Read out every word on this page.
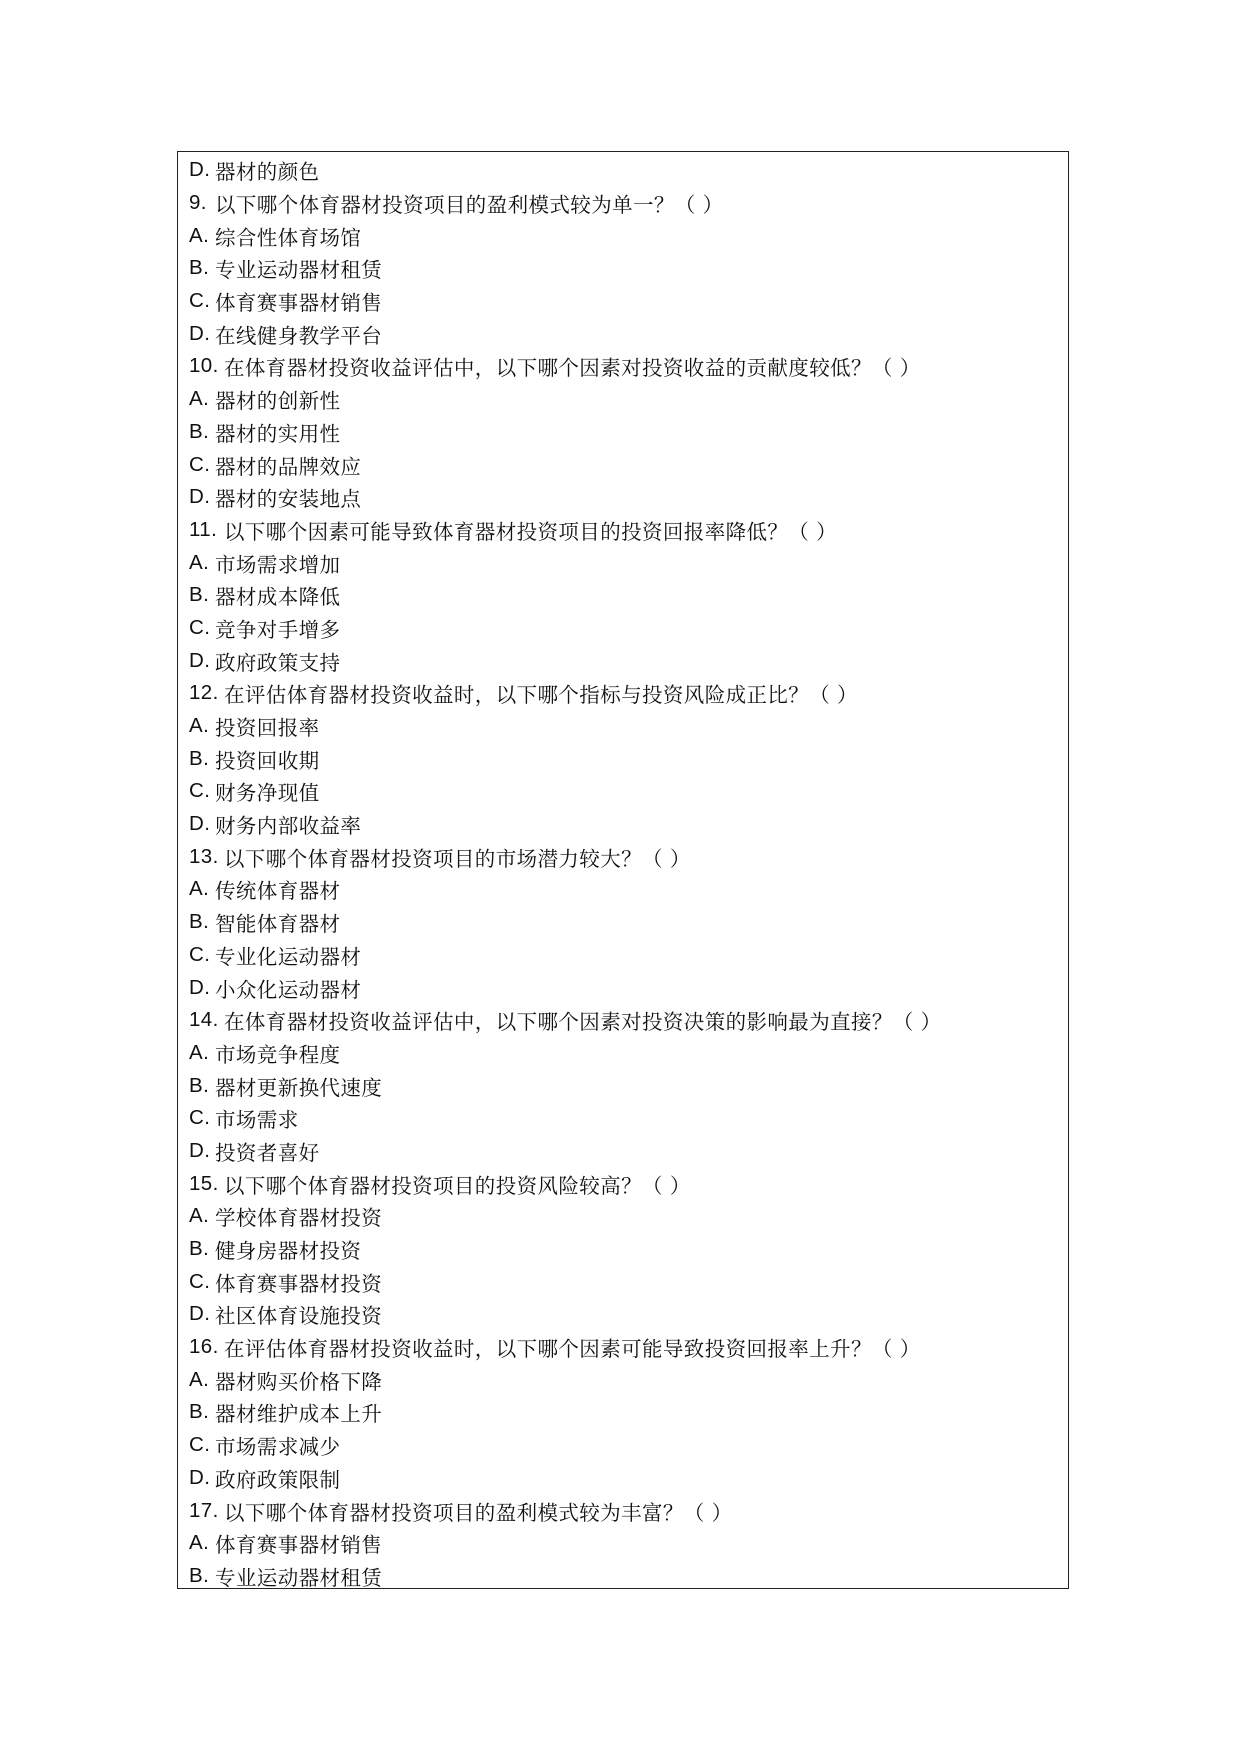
D. 器材的颜色
9. 以下哪个体育器材投资项目的盈利模式较为单一？（ ）
A. 综合性体育场馆
B. 专业运动器材租赁
C. 体育赛事器材销售
D. 在线健身教学平台
10. 在体育器材投资收益评估中，以下哪个因素对投资收益的贡献度较低？（ ）
A. 器材的创新性
B. 器材的实用性
C. 器材的品牌效应
D. 器材的安装地点
11. 以下哪个因素可能导致体育器材投资项目的投资回报率降低？（ ）
A. 市场需求增加
B. 器材成本降低
C. 竞争对手增多
D. 政府政策支持
12. 在评估体育器材投资收益时，以下哪个指标与投资风险成正比？（ ）
A. 投资回报率
B. 投资回收期
C. 财务净现值
D. 财务内部收益率
13. 以下哪个体育器材投资项目的市场潜力较大？（ ）
A. 传统体育器材
B. 智能体育器材
C. 专业化运动器材
D. 小众化运动器材
14. 在体育器材投资收益评估中，以下哪个因素对投资决策的影响最为直接？（ ）
A. 市场竞争程度
B. 器材更新换代速度
C. 市场需求
D. 投资者喜好
15. 以下哪个体育器材投资项目的投资风险较高？（ ）
A. 学校体育器材投资
B. 健身房器材投资
C. 体育赛事器材投资
D. 社区体育设施投资
16. 在评估体育器材投资收益时，以下哪个因素可能导致投资回报率上升？（ ）
A. 器材购买价格下降
B. 器材维护成本上升
C. 市场需求减少
D. 政府政策限制
17. 以下哪个体育器材投资项目的盈利模式较为丰富？（ ）
A. 体育赛事器材销售
B. 专业运动器材租赁
